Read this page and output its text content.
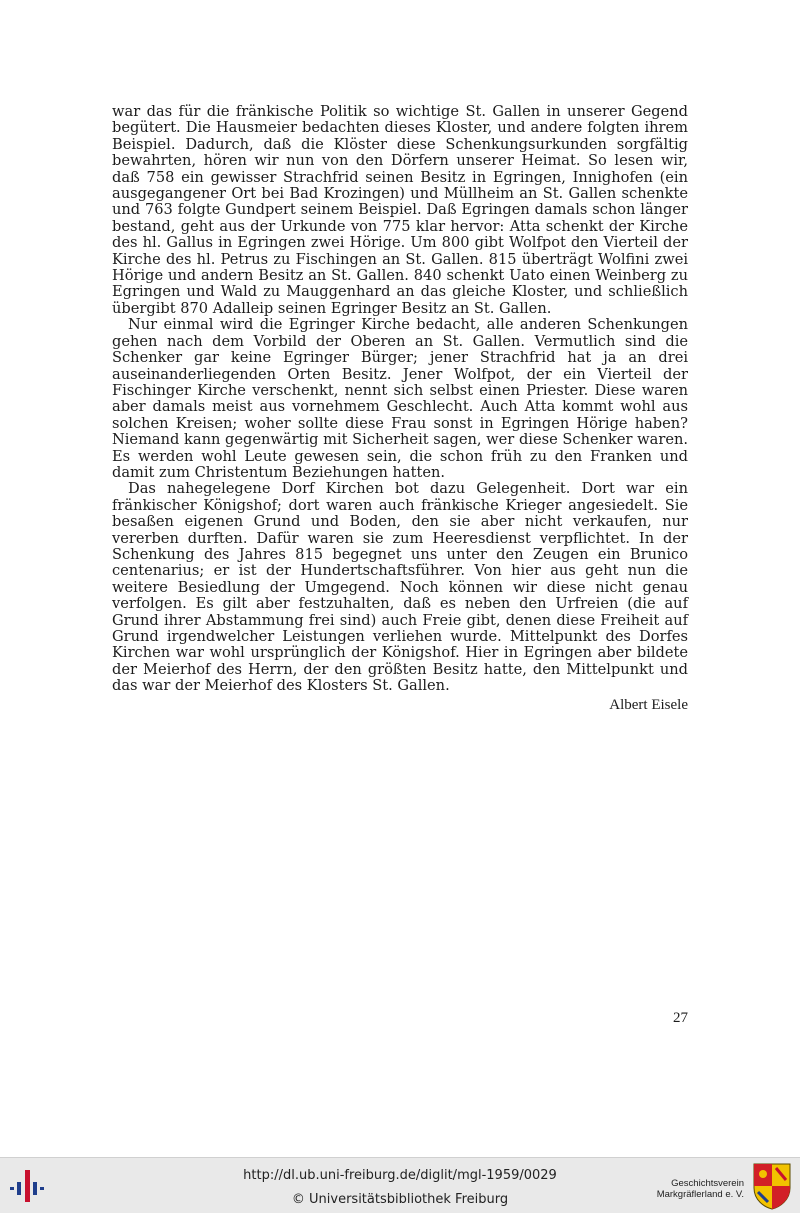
war das für die fränkische Politik so wichtige St. Gallen in unserer Gegend begütert. Die Hausmeier bedachten dieses Kloster, und andere folgten ihrem Beispiel. Dadurch, daß die Klöster diese Schenkungsurkunden sorgfältig bewahrten, hören wir nun von den Dörfern unserer Heimat. So lesen wir, daß 758 ein gewisser Strachfrid seinen Besitz in Egringen, Innighofen (ein ausgegangener Ort bei Bad Krozingen) und Müllheim an St. Gallen schenkte und 763 folgte Gundpert seinem Beispiel. Daß Egringen damals schon länger bestand, geht aus der Urkunde von 775 klar hervor: Atta schenkt der Kirche des hl. Gallus in Egringen zwei Hörige. Um 800 gibt Wolfpot den Vierteil der Kirche des hl. Petrus zu Fischingen an St. Gallen. 815 überträgt Wolfini zwei Hörige und andern Besitz an St. Gallen. 840 schenkt Uato einen Weinberg zu Egringen und Wald zu Mauggenhard an das gleiche Kloster, und schließlich übergibt 870 Adalleip seinen Egringer Besitz an St. Gallen.

Nur einmal wird die Egringer Kirche bedacht, alle anderen Schenkungen gehen nach dem Vorbild der Oberen an St. Gallen. Vermutlich sind die Schenker gar keine Egringer Bürger; jener Strachfrid hat ja an drei auseinanderliegenden Orten Besitz. Jener Wolfpot, der ein Vierteil der Fischinger Kirche verschenkt, nennt sich selbst einen Priester. Diese waren aber damals meist aus vornehmem Geschlecht. Auch Atta kommt wohl aus solchen Kreisen; woher sollte diese Frau sonst in Egringen Hörige haben? Niemand kann gegenwärtig mit Sicherheit sagen, wer diese Schenker waren. Es werden wohl Leute gewesen sein, die schon früh zu den Franken und damit zum Christentum Beziehungen hatten.

Das nahegelegene Dorf Kirchen bot dazu Gelegenheit. Dort war ein fränkischer Königshof; dort waren auch fränkische Krieger angesiedelt. Sie besaßen eigenen Grund und Boden, den sie aber nicht verkaufen, nur vererben durften. Dafür waren sie zum Heeresdienst verpflichtet. In der Schenkung des Jahres 815 begegnet uns unter den Zeugen ein Brunico centenarius; er ist der Hundertschaftsführer. Von hier aus geht nun die weitere Besiedlung der Umgegend. Noch können wir diese nicht genau verfolgen. Es gilt aber festzuhalten, daß es neben den Urfreien (die auf Grund ihrer Abstammung frei sind) auch Freie gibt, denen diese Freiheit auf Grund irgendwelcher Leistungen verliehen wurde. Mittelpunkt des Dorfes Kirchen war wohl ursprünglich der Königshof. Hier in Egringen aber bildete der Meierhof des Herrn, der den größten Besitz hatte, den Mittelpunkt und das war der Meierhof des Klosters St. Gallen.

Albert Eisele
27
http://dl.ub.uni-freiburg.de/diglit/mgl-1959/0029
© Universitätsbibliothek Freiburg
Geschichtsverein
Markgräflerland e. V.
